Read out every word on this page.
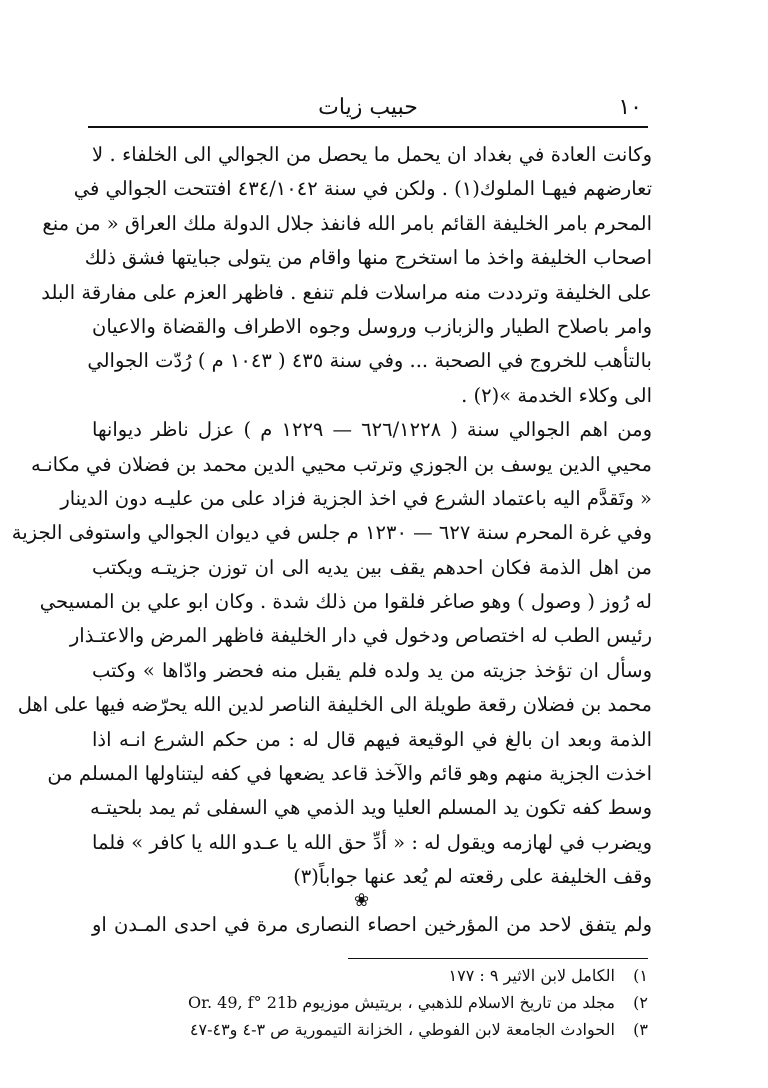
١٠
حبيب زيات
وكانت العادة في بغداد ان يحمل ما يحصل من الجوالي الى الخلفاء . لا
تعارضهم فيهـا الملوك(١) . ولكن في سنة ٤٣٤/١٠٤٢ افتتحت الجوالي في
المحرم بامر الخليفة القائم بامر الله فانفذ جلال الدولة ملك العراق « من منع
اصحاب الخليفة واخذ ما استخرج منها واقام من يتولى جبايتها فشق ذلك
على الخليفة وترددت منه مراسلات فلم تنفع . فاظهر العزم على مفارقة البلد
وامر باصلاح الطيار والزبازب وروسل وجوه الاطراف والقضاة والاعيان
بالتأهب للخروج في الصحبة ... وفي سنة ٤٣٥ ( ١٠٤٣ م ) رُدّت الجوالي
الى وكلاء الخدمة »(٢) .
ومن اهم الجوالي سنة ( ٦٢٦/١٢٢٨ — ١٢٢٩ م ) عزل ناظر ديوانها
محيي الدين يوسف بن الجوزي وترتب محيي الدين محمد بن فضلان في مكانـه
« وتَقدَّم اليه باعتماد الشرع في اخذ الجزية فزاد على من عليـه دون الدينار
وفي غرة المحرم سنة ٦٢٧ — ١٢٣٠ م جلس في ديوان الجوالي واستوفى الجزية
من اهل الذمة فكان احدهم يقف بين يديه الى ان توزن جزيتـه ويكتب
له رُوز ( وصول ) وهو صاغر فلقوا من ذلك شدة . وكان ابو علي بن المسيحي
رئيس الطب له اختصاص ودخول في دار الخليفة فاظهر المرض والاعتـذار
وسأل ان تؤخذ جزيته من يد ولده فلم يقبل منه فحضر وادّاها » وكتب
محمد بن فضلان رقعة طويلة الى الخليفة الناصر لدين الله يحرّضه فيها على اهل
الذمة وبعد ان بالغ في الوقيعة فيهم قال له : من حكم الشرع انـه اذا
اخذت الجزية منهم وهو قائم والآخذ قاعد يضعها في كفه ليتناولها المسلم من
وسط كفه تكون يد المسلم العليا ويد الذمي هي السفلى ثم يمد بلحيتـه
ويضرب في لهازمه ويقول له : « أدِّ حق الله يا عـدو الله يا كافر » فلما
وقف الخليفة على رقعته لم يُعد عنها جواباً(٣)
❀
ولم يتفق لاحد من المؤرخين احصاء النصارى مرة في احدى المـدن او
١) الكامل لابن الاثير ٩ : ١٧٧
٢) مجلد من تاريخ الاسلام للذهبي ، بريتيش موزيوم Or. 49, f° 21b
٣) الحوادث الجامعة لابن الفوطي ، الخزانة التيمورية ص ٣-٤ و٤٣-٤٧
